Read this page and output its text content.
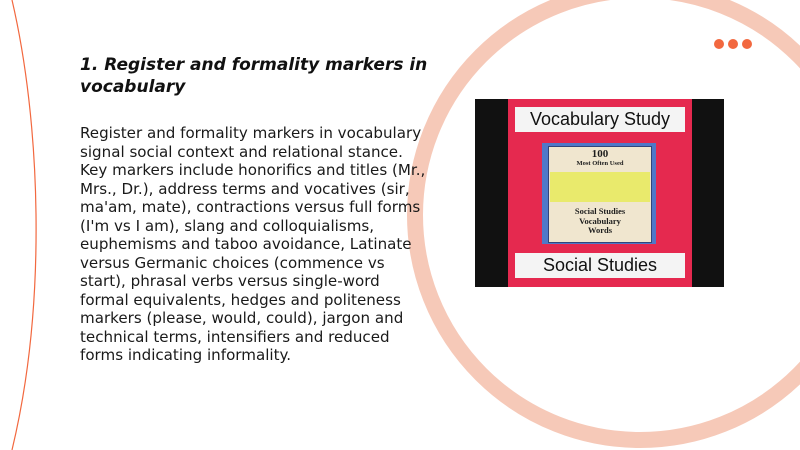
1. Register and formality markers in vocabulary

Register and formality markers in vocabulary signal social context and relational stance. Key markers include honorifics and titles (Mr., Mrs., Dr.), address terms and vocatives (sir, ma'am, mate), contractions versus full forms (I'm vs I am), slang and colloquialisms, euphemisms and taboo avoidance, Latinate versus Germanic choices (commence vs start), phrasal verbs versus single-word formal equivalents, hedges and politeness markers (please, would, could), jargon and technical terms, intensifiers and reduced forms indicating informality.

Vocabulary Study
100
Most Often Used
Social Studies
Vocabulary
Words
Social Studies
